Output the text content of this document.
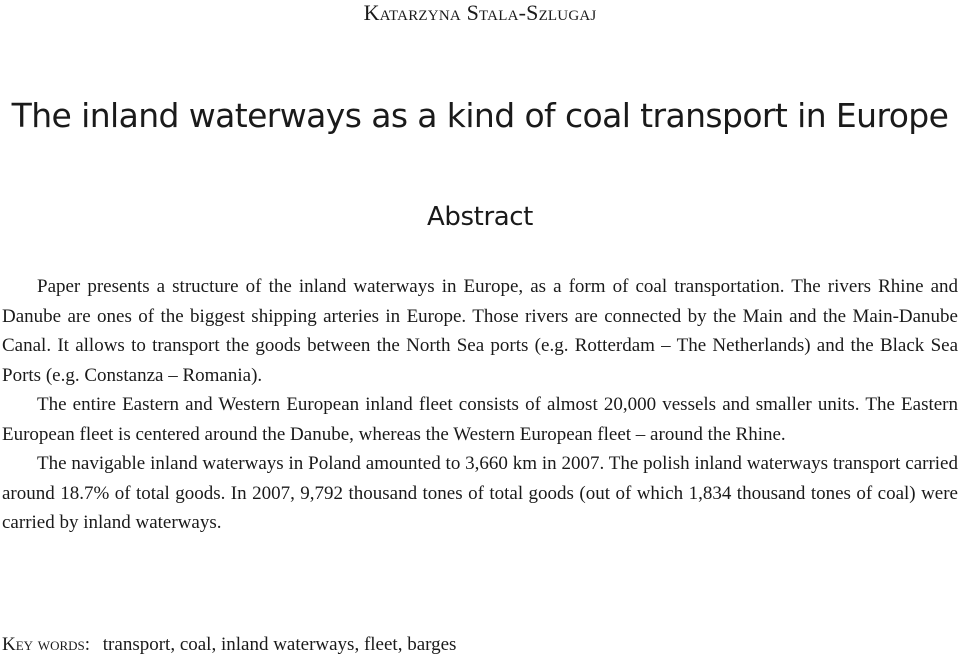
Katarzyna Stala-Szlugaj
The inland waterways as a kind of coal transport in Europe
Abstract

Paper presents a structure of the inland waterways in Europe, as a form of coal transportation. The rivers Rhine and Danube are ones of the biggest shipping arteries in Europe. Those rivers are connected by the Main and the Main-Danube Canal. It allows to transport the goods between the North Sea ports (e.g. Rotterdam – The Netherlands) and the Black Sea Ports (e.g. Constanza – Romania).

The entire Eastern and Western European inland fleet consists of almost 20,000 vessels and smaller units. The Eastern European fleet is centered around the Danube, whereas the Western European fleet – around the Rhine.

The navigable inland waterways in Poland amounted to 3,660 km in 2007. The polish inland waterways transport carried around 18.7% of total goods. In 2007, 9,792 thousand tones of total goods (out of which 1,834 thousand tones of coal) were carried by inland waterways.

Key words: transport, coal, inland waterways, fleet, barges
